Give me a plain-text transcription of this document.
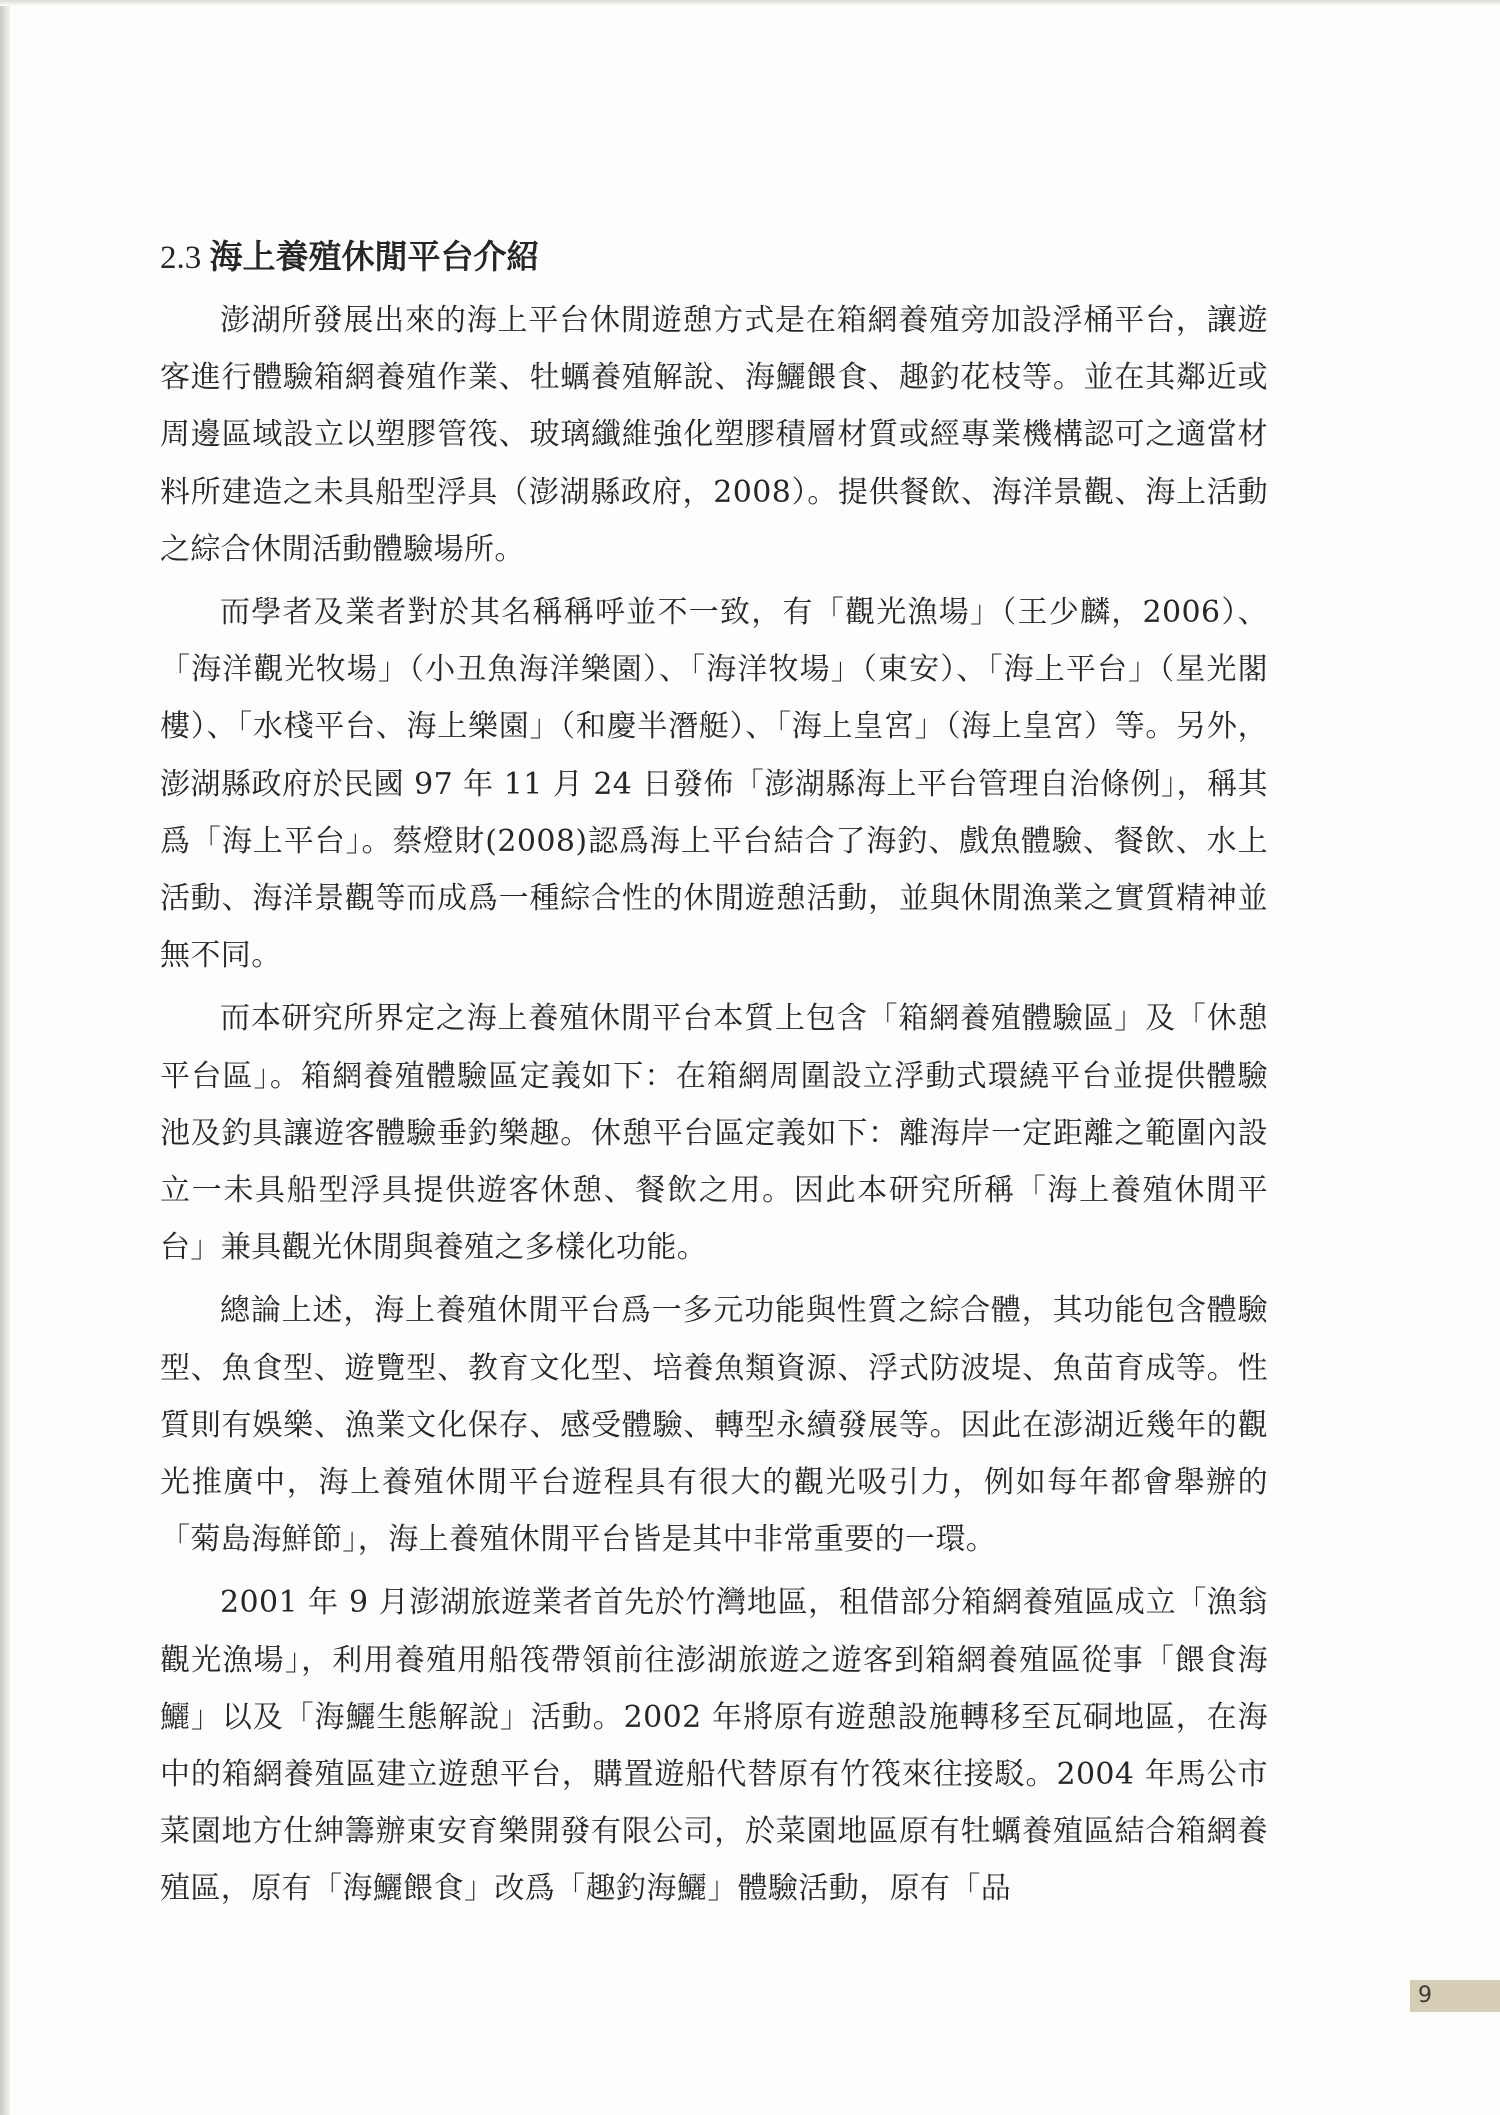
2.3 海上養殖休閒平台介紹

澎湖所發展出來的海上平台休閒遊憩方式是在箱網養殖旁加設浮桶平台，讓遊客進行體驗箱網養殖作業、牡蠣養殖解說、海鱺餵食、趣釣花枝等。並在其鄰近或周邊區域設立以塑膠管筏、玻璃纖維強化塑膠積層材質或經專業機構認可之適當材料所建造之未具船型浮具（澎湖縣政府，2008）。提供餐飲、海洋景觀、海上活動之綜合休閒活動體驗場所。

而學者及業者對於其名稱稱呼並不一致，有「觀光漁場」（王少麟，2006）、「海洋觀光牧場」（小丑魚海洋樂園）、「海洋牧場」（東安）、「海上平台」（星光閣樓）、「水棧平台、海上樂園」（和慶半潛艇）、「海上皇宮」（海上皇宮）等。另外，澎湖縣政府於民國 97 年 11 月 24 日發佈「澎湖縣海上平台管理自治條例」，稱其爲「海上平台」。蔡燈財(2008)認爲海上平台結合了海釣、戲魚體驗、餐飲、水上活動、海洋景觀等而成爲一種綜合性的休閒遊憩活動，並與休閒漁業之實質精神並無不同。

而本研究所界定之海上養殖休閒平台本質上包含「箱網養殖體驗區」及「休憩平台區」。箱網養殖體驗區定義如下：在箱網周圍設立浮動式環繞平台並提供體驗池及釣具讓遊客體驗垂釣樂趣。休憩平台區定義如下：離海岸一定距離之範圍內設立一未具船型浮具提供遊客休憩、餐飲之用。因此本研究所稱「海上養殖休閒平台」兼具觀光休閒與養殖之多樣化功能。

總論上述，海上養殖休閒平台爲一多元功能與性質之綜合體，其功能包含體驗型、魚食型、遊覽型、教育文化型、培養魚類資源、浮式防波堤、魚苗育成等。性質則有娛樂、漁業文化保存、感受體驗、轉型永續發展等。因此在澎湖近幾年的觀光推廣中，海上養殖休閒平台遊程具有很大的觀光吸引力，例如每年都會舉辦的「菊島海鮮節」，海上養殖休閒平台皆是其中非常重要的一環。

2001 年 9 月澎湖旅遊業者首先於竹灣地區，租借部分箱網養殖區成立「漁翁觀光漁場」，利用養殖用船筏帶領前往澎湖旅遊之遊客到箱網養殖區從事「餵食海鱺」以及「海鱺生態解說」活動。2002 年將原有遊憩設施轉移至瓦硐地區，在海中的箱網養殖區建立遊憩平台，購置遊船代替原有竹筏來往接駁。2004 年馬公市菜園地方仕紳籌辦東安育樂開發有限公司，於菜園地區原有牡蠣養殖區結合箱網養殖區，原有「海鱺餵食」改爲「趣釣海鱺」體驗活動，原有「品

9
